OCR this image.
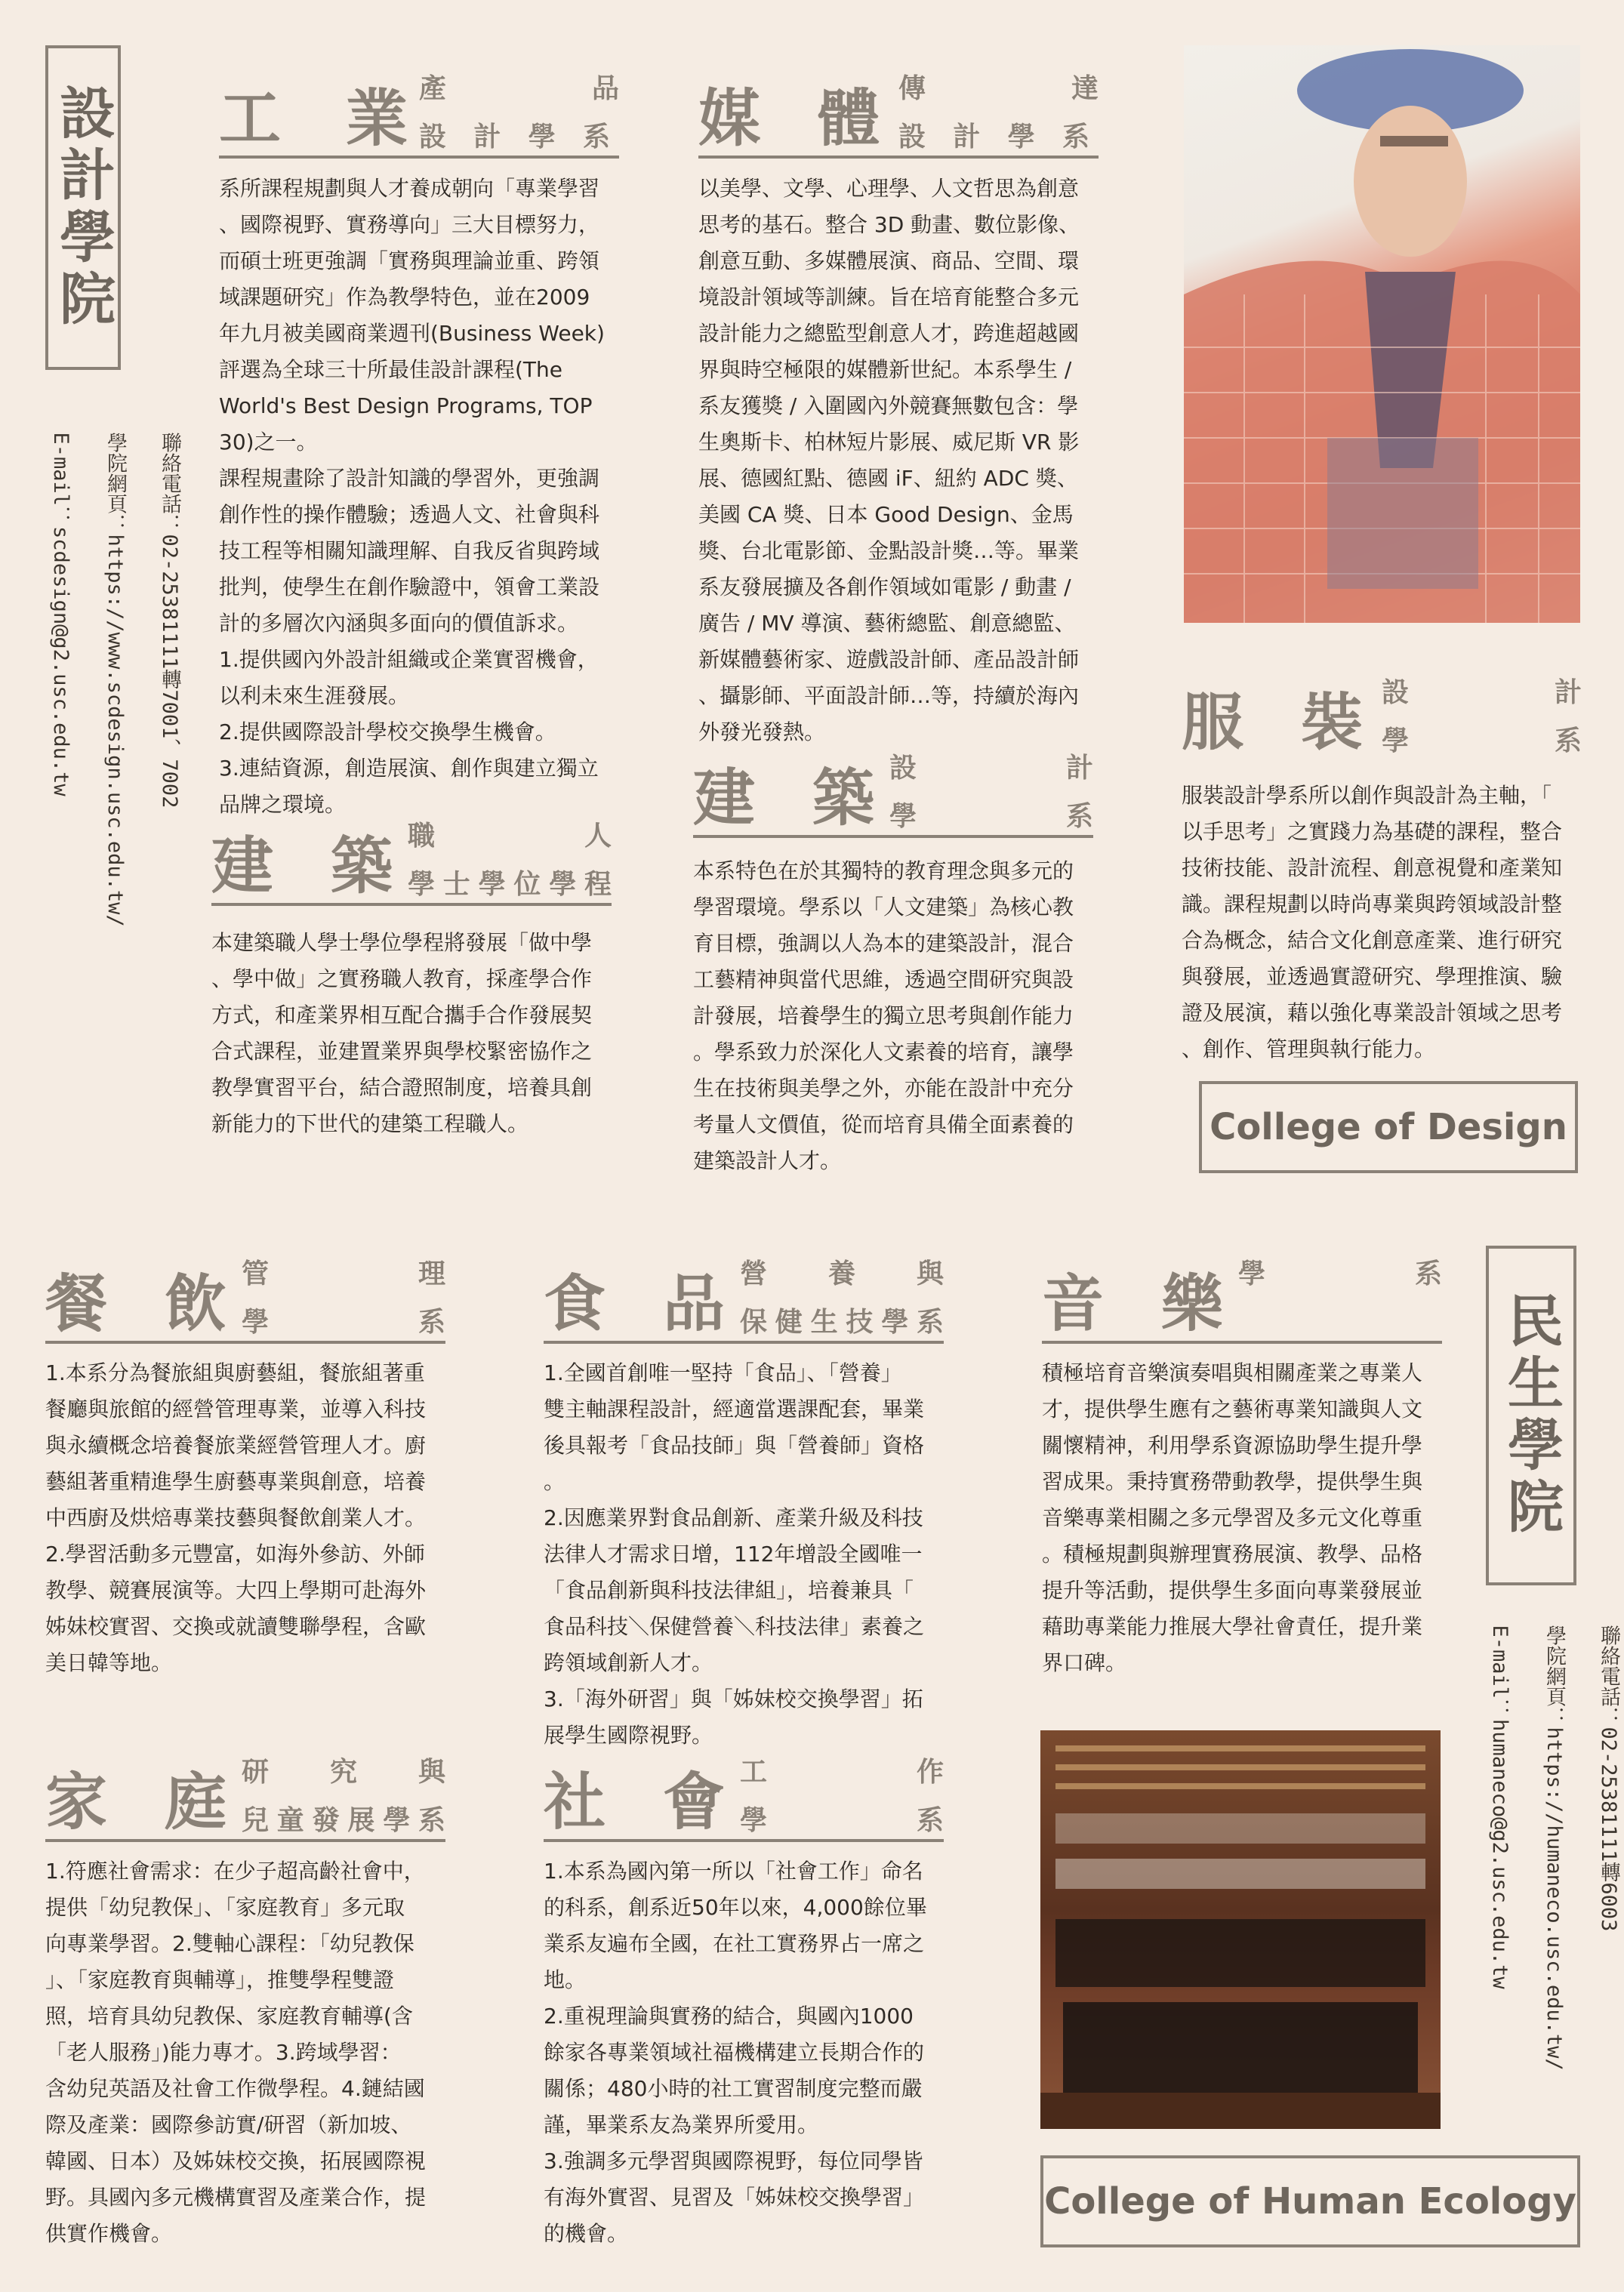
設計學院

聯絡電話：02-25381111轉7001、7002

學院網頁：https://www.scdesign.usc.edu.tw/

E-mail：scdesign@g2.usc.edu.tw

工 業 產	品
設 計 學 系
系所課程規劃與人才養成朝向「專業學習
、國際視野、實務導向」三大目標努力，
而碩士班更強調「實務與理論並重、跨領
域課題研究」作為教學特色，並在2009
年九月被美國商業週刊(Business Week)
評選為全球三十所最佳設計課程(The
World's Best Design Programs, TOP
30)之一。
課程規畫除了設計知識的學習外，更強調
創作性的操作體驗；透過人文、社會與科
技工程等相關知識理解、自我反省與跨域
批判，使學生在創作驗證中，領會工業設
計的多層次內涵與多面向的價值訴求。
1.提供國內外設計組織或企業實習機會，
以利未來生涯發展。
2.提供國際設計學校交換學生機會。
3.連結資源，創造展演、創作與建立獨立
品牌之環境。
媒 體 傳	達
設 計 學 系
以美學、文學、心理學、人文哲思為創意
思考的基石。整合 3D 動畫、數位影像、
創意互動、多媒體展演、商品、空間、環
境設計領域等訓練。旨在培育能整合多元
設計能力之總監型創意人才，跨進超越國
界與時空極限的媒體新世紀。本系學生 /
系友獲獎 / 入圍國內外競賽無數包含：學
生奧斯卡、柏林短片影展、威尼斯 VR 影
展、德國紅點、德國 iF、紐約 ADC 獎、
美國 CA 獎、日本 Good Design、金馬
獎、台北電影節、金點設計獎…等。畢業
系友發展擴及各創作領域如電影 / 動畫 /
廣告 / MV 導演、藝術總監、創意總監、
新媒體藝術家、遊戲設計師、產品設計師
、攝影師、平面設計師…等，持續於海內
外發光發熱。
建 築 職	人
學 士 學 位 學 程
本建築職人學士學位學程將發展「做中學
、學中做」之實務職人教育，採產學合作
方式，和產業界相互配合攜手合作發展契
合式課程，並建置業界與學校緊密協作之
教學實習平台，結合證照制度，培養具創
新能力的下世代的建築工程職人。
建 築 設	計
學	系
本系特色在於其獨特的教育理念與多元的
學習環境。學系以「人文建築」為核心教
育目標，強調以人為本的建築設計，混合
工藝精神與當代思維，透過空間研究與設
計發展，培養學生的獨立思考與創作能力
。學系致力於深化人文素養的培育，讓學
生在技術與美學之外，亦能在設計中充分
考量人文價值，從而培育具備全面素養的
建築設計人才。
服 裝 設	計
學	系
服裝設計學系所以創作與設計為主軸，「
以手思考」之實踐力為基礎的課程，整合
技術技能、設計流程、創意視覺和產業知
識。課程規劃以時尚專業與跨領域設計整
合為概念，結合文化創意產業、進行研究
與發展，並透過實證研究、學理推演、驗
證及展演，藉以強化專業設計領域之思考
、創作、管理與執行能力。
College of Design
餐 飲 管	理
學	系
1.本系分為餐旅組與廚藝組，餐旅組著重
餐廳與旅館的經營管理專業，並導入科技
與永續概念培養餐旅業經營管理人才。廚
藝組著重精進學生廚藝專業與創意，培養
中西廚及烘焙專業技藝與餐飲創業人才。
2.學習活動多元豐富，如海外參訪、外師
教學、競賽展演等。大四上學期可赴海外
姊妹校實習、交換或就讀雙聯學程，含歐
美日韓等地。
食 品 營 養 與
保 健 生 技 學 系
1.全國首創唯一堅持「食品」、「營養」
雙主軸課程設計，經適當選課配套，畢業
後具報考「食品技師」與「營養師」資格
。
2.因應業界對食品創新、產業升級及科技
法律人才需求日增，112年增設全國唯一
「食品創新與科技法律組」，培養兼具「
食品科技＼保健營養＼科技法律」素養之
跨領域創新人才。
3.「海外研習」與「姊妹校交換學習」拓
展學生國際視野。
音 樂 學	系
積極培育音樂演奏唱與相關產業之專業人
才，提供學生應有之藝術專業知識與人文
關懷精神，利用學系資源協助學生提升學
習成果。秉持實務帶動教學，提供學生與
音樂專業相關之多元學習及多元文化尊重
。積極規劃與辦理實務展演、教學、品格
提升等活動，提供學生多面向專業發展並
藉助專業能力推展大學社會責任，提升業
界口碑。
民生學院

聯絡電話：02-25381111轉6003

學院網頁：https://humaneco.usc.edu.tw/

E-mail：humaneco@g2.usc.edu.tw

家 庭 研 究 與
兒 童 發 展 學 系
1.符應社會需求：在少子超高齡社會中，
提供「幼兒教保」、「家庭教育」多元取
向專業學習。2.雙軸心課程：「幼兒教保
」、「家庭教育與輔導」，推雙學程雙證
照，培育具幼兒教保、家庭教育輔導(含
「老人服務」)能力專才。3.跨域學習：
含幼兒英語及社會工作微學程。4.鏈結國
際及產業：國際參訪實/研習（新加坡、
韓國、日本）及姊妹校交換，拓展國際視
野。具國內多元機構實習及產業合作，提
供實作機會。
社 會 工	作
學	系
1.本系為國內第一所以「社會工作」命名
的科系，創系近50年以來，4,000餘位畢
業系友遍布全國，在社工實務界占一席之
地。
2.重視理論與實務的結合，與國內1000
餘家各專業領域社福機構建立長期合作的
關係；480小時的社工實習制度完整而嚴
謹，畢業系友為業界所愛用。
3.強調多元學習與國際視野，每位同學皆
有海外實習、見習及「姊妹校交換學習」
的機會。
College of Human Ecology
